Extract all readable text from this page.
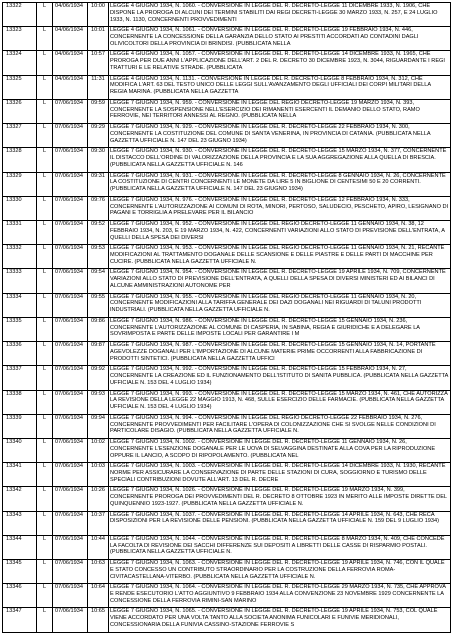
13322	L	04/06/1934	10:00	LEGGE 4 GIUGNO 1934, N. 1060. - CONVERSIONE IN LEGGE DEL R. DECRETO-LEGGE 11 DICEMBRE 1933, N. 1906, CHE DISPONE LA PROROGA DI ALCUNI DEI TERMINI STABILITI DAI REGI DECRETI-LEGGE 30 MARZO 1933, N. 257, E 24 LUGLIO 1933, N. 1130, CONCERNENTI PROVVEDIMENTI
13323	L	04/06/1934	10:01	LEGGE 4 GIUGNO 1934, N. 1061. - CONVERSIONE IN LEGGE DEL R. DECRETO-LEGGE 19 FEBBRAIO 1934, N. 446, CONCERNENTE LA CONCESSIONE DELLA GARANZIA DELLO STATO AI PRESTITI ACCORDATI AD CONTADINI DAGLI OLIVICOLTORI DELLA PROVINCIA DI BRINDISI. (PUBBLICATA NELLA
13324	L	04/06/1934	10:57	LEGGE 4 GIUGNO 1934, N. 1057. - CONVERSIONE IN LEGGE DEL R. DECRETO-LEGGE 14 DICEMBRE 1933, N. 1965, CHE PROROGA PER DUE ANNI L'APPLICAZIONE DELL'ART. 2 DEL R. DECRETO 30 DICEMBRE 1923, N. 3044, RIGUARDANTE I REGI TRATTURI E LE RELATIVE STRADE. (PUBBLICATA
13325	L	04/06/1934	11:31	LEGGE 4 GIUGNO 1934, N. 1131. - CONVERSIONE IN LEGGE DEL R. DECRETO-LEGGE 8 FEBBRAIO 1934, N. 312, CHE MODIFICA L'ART. 63 DEL TESTO UNICO DELLE LEGGI SULL'AVANZAMENTO DEGLI UFFICIALI DEI CORPI MILITARI DELLA REGIA MARINA. (PUBBLICATA NELLA GAZZETTA
13326	L	07/06/1934	09:59	LEGGE 7 GIUGNO 1934, N. 959. - CONVERSIONE IN LEGGE DEL REGIO DECRETO-LEGGE 19 MARZO 1934, N. 393, CONCERNENTE LA SOSPENSIONE NELL'ESERCIZIO DEI RIMANENTI ESERCENTI IL DEMANIO DELLO STATO, RAMO FERROVIE, NEI TERRITORI ANNESSI AL REGNO. (PUBBLICATA NELLA
13327	L	07/06/1934	09:29	LEGGE 7 GIUGNO 1934, N. 929. - CONVERSIONE IN LEGGE DEL R. DECRETO-LEGGE 22 FEBBRAIO 1934, N. 300, CONCERNENTE LA COSTITUZIONE DEL COMUNE DI SANTA VENERINA, IN PROVINCIA DI CATANIA. (PUBBLICATA NELLA GAZZETTA UFFICIALE N. 147 DEL 23 GIUGNO 1934)
13328	L	07/06/1934	09:30	LEGGE 7 GIUGNO 1934, N. 930. - CONVERSIONE IN LEGGE DEL R. DECRETO-LEGGE 15 MARZO 1934, N. 377, CONCERNENTE IL DISTACCO DELL'ORDINE DI VALORIZZAZIONE DELLA PROVINCIA E LA SUA AGGREGAZIONE ALLA QUELLA DI BRESCIA. (PUBBLICATA NELLA GAZZETTA UFFICIALE N. 146
13329	L	07/06/1934	09:31	LEGGE 7 GIUGNO 1934, N. 931. - CONVERSIONE IN LEGGE DEL R. DECRETO-LEGGE 8 GENNAIO 1934, N. 26, CONCERNENTE LA COSTITUZIONE DI CENTRI CONCERNENTI LE MONETE DA LIRE 5 IN BIGLIONE DI CENTESIMI 50 E 20 CORRENTI. (PUBBLICATA NELLA GAZZETTA UFFICIALE N. 147 DEL 23 GIUGNO 1934)
13330	L	07/06/1934	09:76	LEGGE 7 GIUGNO 1934, N. 976. - CONVERSIONE IN LEGGE DEL R. DECRETO-LEGGE 12 FEBBRAIO 1934, N. 333, CONCERNENTE L'AUTORIZZAZIONE AI COMUNI DI ROTA, MINORI, PERTOSO, SALUDECIO, PESCHETO, APIRO, LESIGNANO DI PAGANI E TORRIGLIA A PRELEVARE PER IL BILANCIO
13331	L	07/06/1934	09:52	LEGGE 7 GIUGNO 1934, N. 952. - CONVERSIONE IN LEGGE DEL REGIO DECRETO-LEGGE 11 GENNAIO 1934, N. 38, 12 FEBBRAIO 1934, N. 203, E 19 MARZO 1934, N. 422, CONCERNENTI VARIAZIONI ALLO STATO DI PREVISIONE DELL'ENTRATA, A QUELLI DELLA SPESA DEI DIVERSI
13332	L	07/06/1934	09:53	LEGGE 7 GIUGNO 1934, N. 953. - CONVERSIONE IN LEGGE DEL REGIO DECRETO-LEGGE 11 GENNAIO 1934, N. 21, RECANTE MODIFICAZIONI AL TRATTAMENTO DOGANALE DELLE SCANSIONE E DELLE PIASTRE E DELLE PARTI DI MACCHINE PER CUCIRE. (PUBBLICATA NELLA GAZZETTA UFFICIALE N.
13333	L	07/06/1934	09:54	LEGGE 7 GIUGNO 1934, N. 954. - CONVERSIONE IN LEGGE DEL R. DECRETO-LEGGE 19 APRILE 1934, N. 709, CONCERNENTE VARIAZIONI ALLO STATO DI PREVISIONE DELL'ENTRATA, A QUELLI DELLA SPESA DI DIVERSI MINISTERI ED AI BILANCI DI ALCUNE AMMINISTRAZIONI AUTONOME PER
13334	L	07/06/1934	09:55	LEGGE 7 GIUGNO 1934, N. 955. - CONVERSIONE IN LEGGE DEL REGIO DECRETO-LEGGE 11 GENNAIO 1934, N. 20, CONCERNENTE MODIFICAZIONI ALLA TARIFFA GENERALE DEI DAZI DOGANALI NEI RIGUARDI DI TALUNI PRODOTTI INDUSTRIALI. (PUBBLICATA NELLA GAZZETTA UFFICIALE N.
13335	L	07/06/1934	09:86	LEGGE 7 GIUGNO 1934, N. 986. - CONVERSIONE IN LEGGE DEL R. DECRETO-LEGGE 15 GENNAIO 1934, N. 236, CONCERNENTE L'AUTORIZZAZIONE AL COMUNE DI CASPERIA, IN SABINA, REGIA E GIURIDICHE E A DELEGARE LA SOVRIMPOSTA E PARTE DELLE IMPOSTE LOCALI PER GARANTIRE I M
13336	L	07/06/1934	09:87	LEGGE 7 GIUGNO 1934, N. 987. - CONVERSIONE IN LEGGE DEL R. DECRETO-LEGGE 15 GENNAIO 1934, N. 14, PORTANTE AGEVOLEZZE DOGANALI PER L'IMPORTAZIONE DI ALCUNE MATERIE PRIME OCCORRENTI ALLA FABBRICAZIONE DI PRODOTTI SINTETICI. (PUBBLICATA NELLA GAZZETTA UFFICI
13337	L	07/06/1934	09:92	LEGGE 7 GIUGNO 1934, N. 992. - CONVERSIONE IN LEGGE DEL R. DECRETO-LEGGE 15 FEBBRAIO 1934, N. 27, CONCERNENTE LA CREAZIONE ED IL FUNZIONAMENTO DELL'ISTITUTO DI SANITA PUBBLICA. (PUBBLICATA NELLA GAZZETTA UFFICIALE N. 153 DEL 4 LUGLIO 1934)
13338	L	07/06/1934	09:93	LEGGE 7 GIUGNO 1934, N. 993. - CONVERSIONE IN LEGGE DEL R. DECRETO-LEGGE 15 MARZO 1934, N. 461, CHE AUTORIZZA LA REVISIONE DELLA LEGGE 22 MAGGIO 1913, N. 468, SULLE ESERCIZIO DELLE FARMACIE. (PUBBLICATA NELLA GAZZETTA UFFICIALE N. 153 DEL 4 LUGLIO 1934)
13339	L	07/06/1934	09:94	LEGGE 7 GIUGNO 1934, N. 994. - CONVERSIONE IN LEGGE DEL REGIO DECRETO-LEGGE 22 FEBBRAIO 1934, N. 276, CONCERNENTE PROVVEDIMENTI PER FACILITARE L'OPERA DI COLONIZZAZIONE CHE SI SVOLGE NELLE CONDIZIONI DI PARTICOLARE DISAGIO. (PUBBLICATA NELLA GAZZETTA UFFICIALE N.
13340	L	07/06/1934	10:02	LEGGE 7 GIUGNO 1934, N. 1002. - CONVERSIONE IN LEGGE DEL R. DECRETO-LEGGE 11 GENNAIO 1934, N. 26, CONCERNENTE L'ESENZIONE DOGANALE PER LE UOVA DI SELVAGGINA DESTINATE ALLA COVA PER LA RIPRODUZIONE OPPURE IL LANCIO, A SCOPO DI RIPOPOLAMENTO. (PUBBLICATA NEL
13341	L	07/06/1934	10:03	LEGGE 7 GIUGNO 1934, N. 1003. - CONVERSIONE IN LEGGE DEL R. DECRETO-LEGGE 14 DICEMBRE 1933, N. 1930, RECANTE NORME PER ASSICURARE LA CONSERVAZIONE DI PARTE DELLE STAZIONI DI CURA, SOGGIORNO E TURISMO DELLE SPECIALI CONTRIBUZIONI DOVUTE ALL'ART. 13 DEL R. DECRE
13342	L	07/06/1934	10:26	LEGGE 7 GIUGNO 1934, N. 1026. - CONVERSIONE IN LEGGE DEL R. DECRETO-LEGGE 19 MARZO 1934, N. 399, CONCERNENTE PROROGA DEI PROVVEDIMENTI DEL R. DECRETO 8 OTTOBRE 1923 IN MERITO ALLE IMPOSTE DIRETTE DEL QUINQUENNIO 1923-1927. (PUBBLICATA NELLA GAZZETTA UFFICIALE N.
13343	L	07/06/1934	10:37	LEGGE 7 GIUGNO 1934, N. 1037. - CONVERSIONE IN LEGGE DEL R. DECRETO-LEGGE 14 APRILE 1934, N. 643, CHE RECA DISPOSIZIONI PER LA REVISIONE DELLE PENSIONI. (PUBBLICATA NELLA GAZZETTA UFFICIALE N. 159 DEL 9 LUGLIO 1934)
13344	L	07/06/1934	10:44	LEGGE 7 GIUGNO 1934, N. 1044. - CONVERSIONE IN LEGGE DEL R. DECRETO-LEGGE 8 MARZO 1934, N. 409, CHE CONCEDE LA FACOLTA DI REVISIONE DEI SACCHI DIFFERENZE SUI DEPOSITI A LIBRETTI DELLE CASSE DI RISPARMIO POSTALI. (PUBBLICATA NELLA GAZZETTA UFFICIALE N.
13345	L	07/06/1934	10:63	LEGGE 7 GIUGNO 1934, N. 1063. - CONVERSIONE IN LEGGE DEL R. DECRETO-LEGGE 19 APRILE 1934, N. 746, CON IL QUALE E STATO CONCESSO UN CONTRIBUTO STRAORDINARIO PER LA COSTRUZIONE DELLA FERROVIA ROMA-CIVITACASTELLANA-VITERBO. (PUBBLICATA NELLA GAZZETTA UFFICIALE N.
13346	L	07/06/1934	10:64	LEGGE 7 GIUGNO 1934, N. 1064. - CONVERSIONE IN LEGGE DEL R. DECRETO-LEGGE 29 MARZO 1934, N. 735, CHE APPROVA E RENDE ESECUTORIO L'ATTO AGGIUNTIVO 9 FEBBRAIO 1934 ALLA CONVENZIONE 23 NOVEMBRE 1929 CONCERNENTE LA CONCESSIONE DELLA FERROVIA RIMINI-SAN MARINO
13347	L	07/06/1934	10:65	LEGGE 7 GIUGNO 1934, N. 1065. - CONVERSIONE IN LEGGE DEL R. DECRETO-LEGGE 19 APRILE 1934, N. 753, COL QUALE VIENE ACCORDATO PER UNA VOLTA TANTO ALLA SOCIETA ANONIMA FUNICOLARI E FUNIVIE MERIDIONALI, CONCESSIONARIA DELLA FUNIVIA CASSINO-STAZIONE FERROVIE S
